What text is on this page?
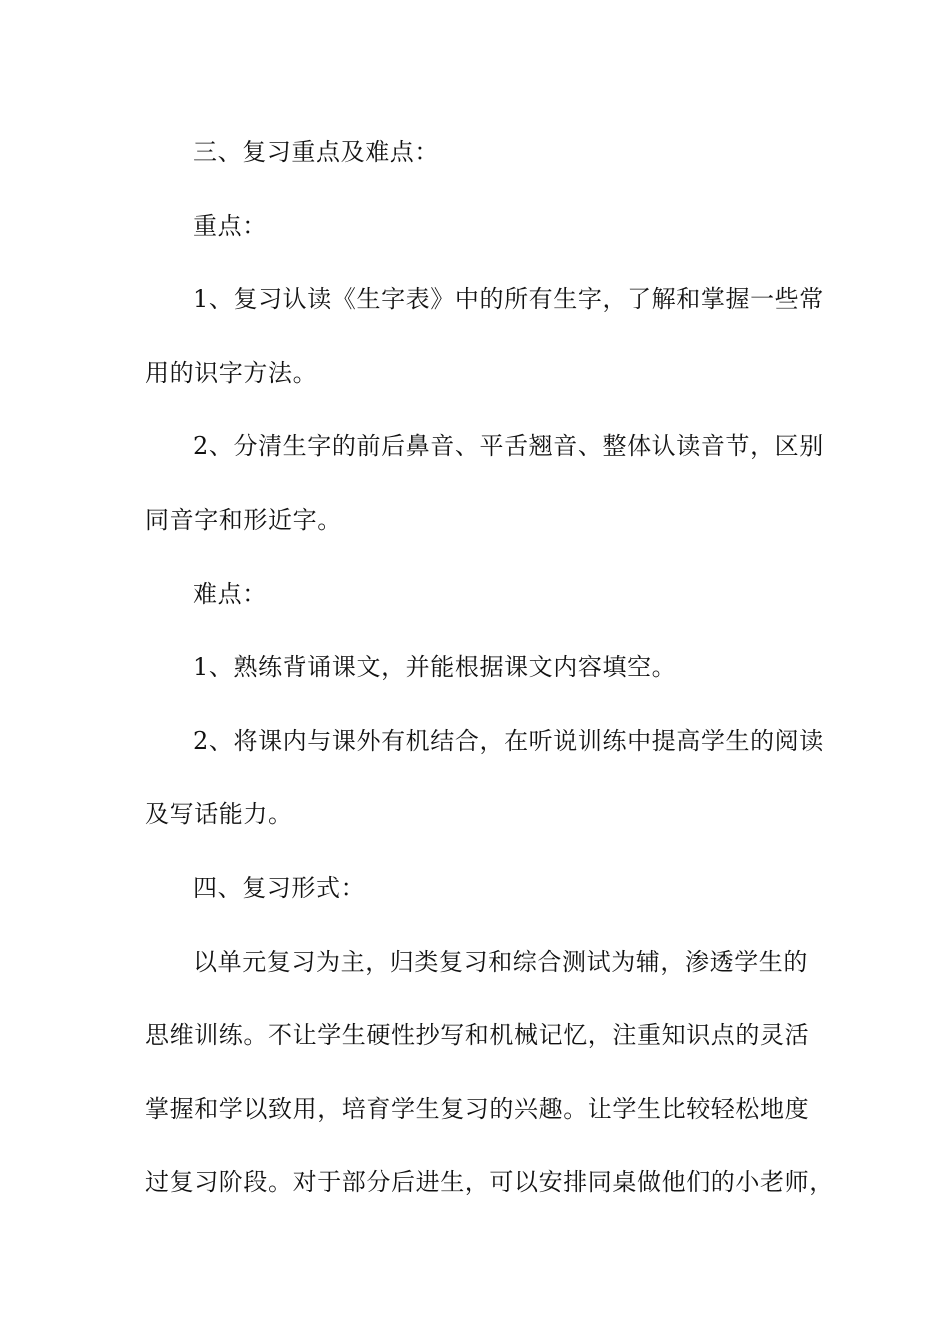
三、复习重点及难点：
重点：
1、复习认读《生字表》中的所有生字，了解和掌握一些常
用的识字方法。
2、分清生字的前后鼻音、平舌翘音、整体认读音节，区别
同音字和形近字。
难点：
1、熟练背诵课文，并能根据课文内容填空。
2、将课内与课外有机结合，在听说训练中提高学生的阅读
及写话能力。
四、复习形式：
以单元复习为主，归类复习和综合测试为辅，渗透学生的
思维训练。不让学生硬性抄写和机械记忆，注重知识点的灵活
掌握和学以致用，培育学生复习的兴趣。让学生比较轻松地度
过复习阶段。对于部分后进生，可以安排同桌做他们的小老师，
